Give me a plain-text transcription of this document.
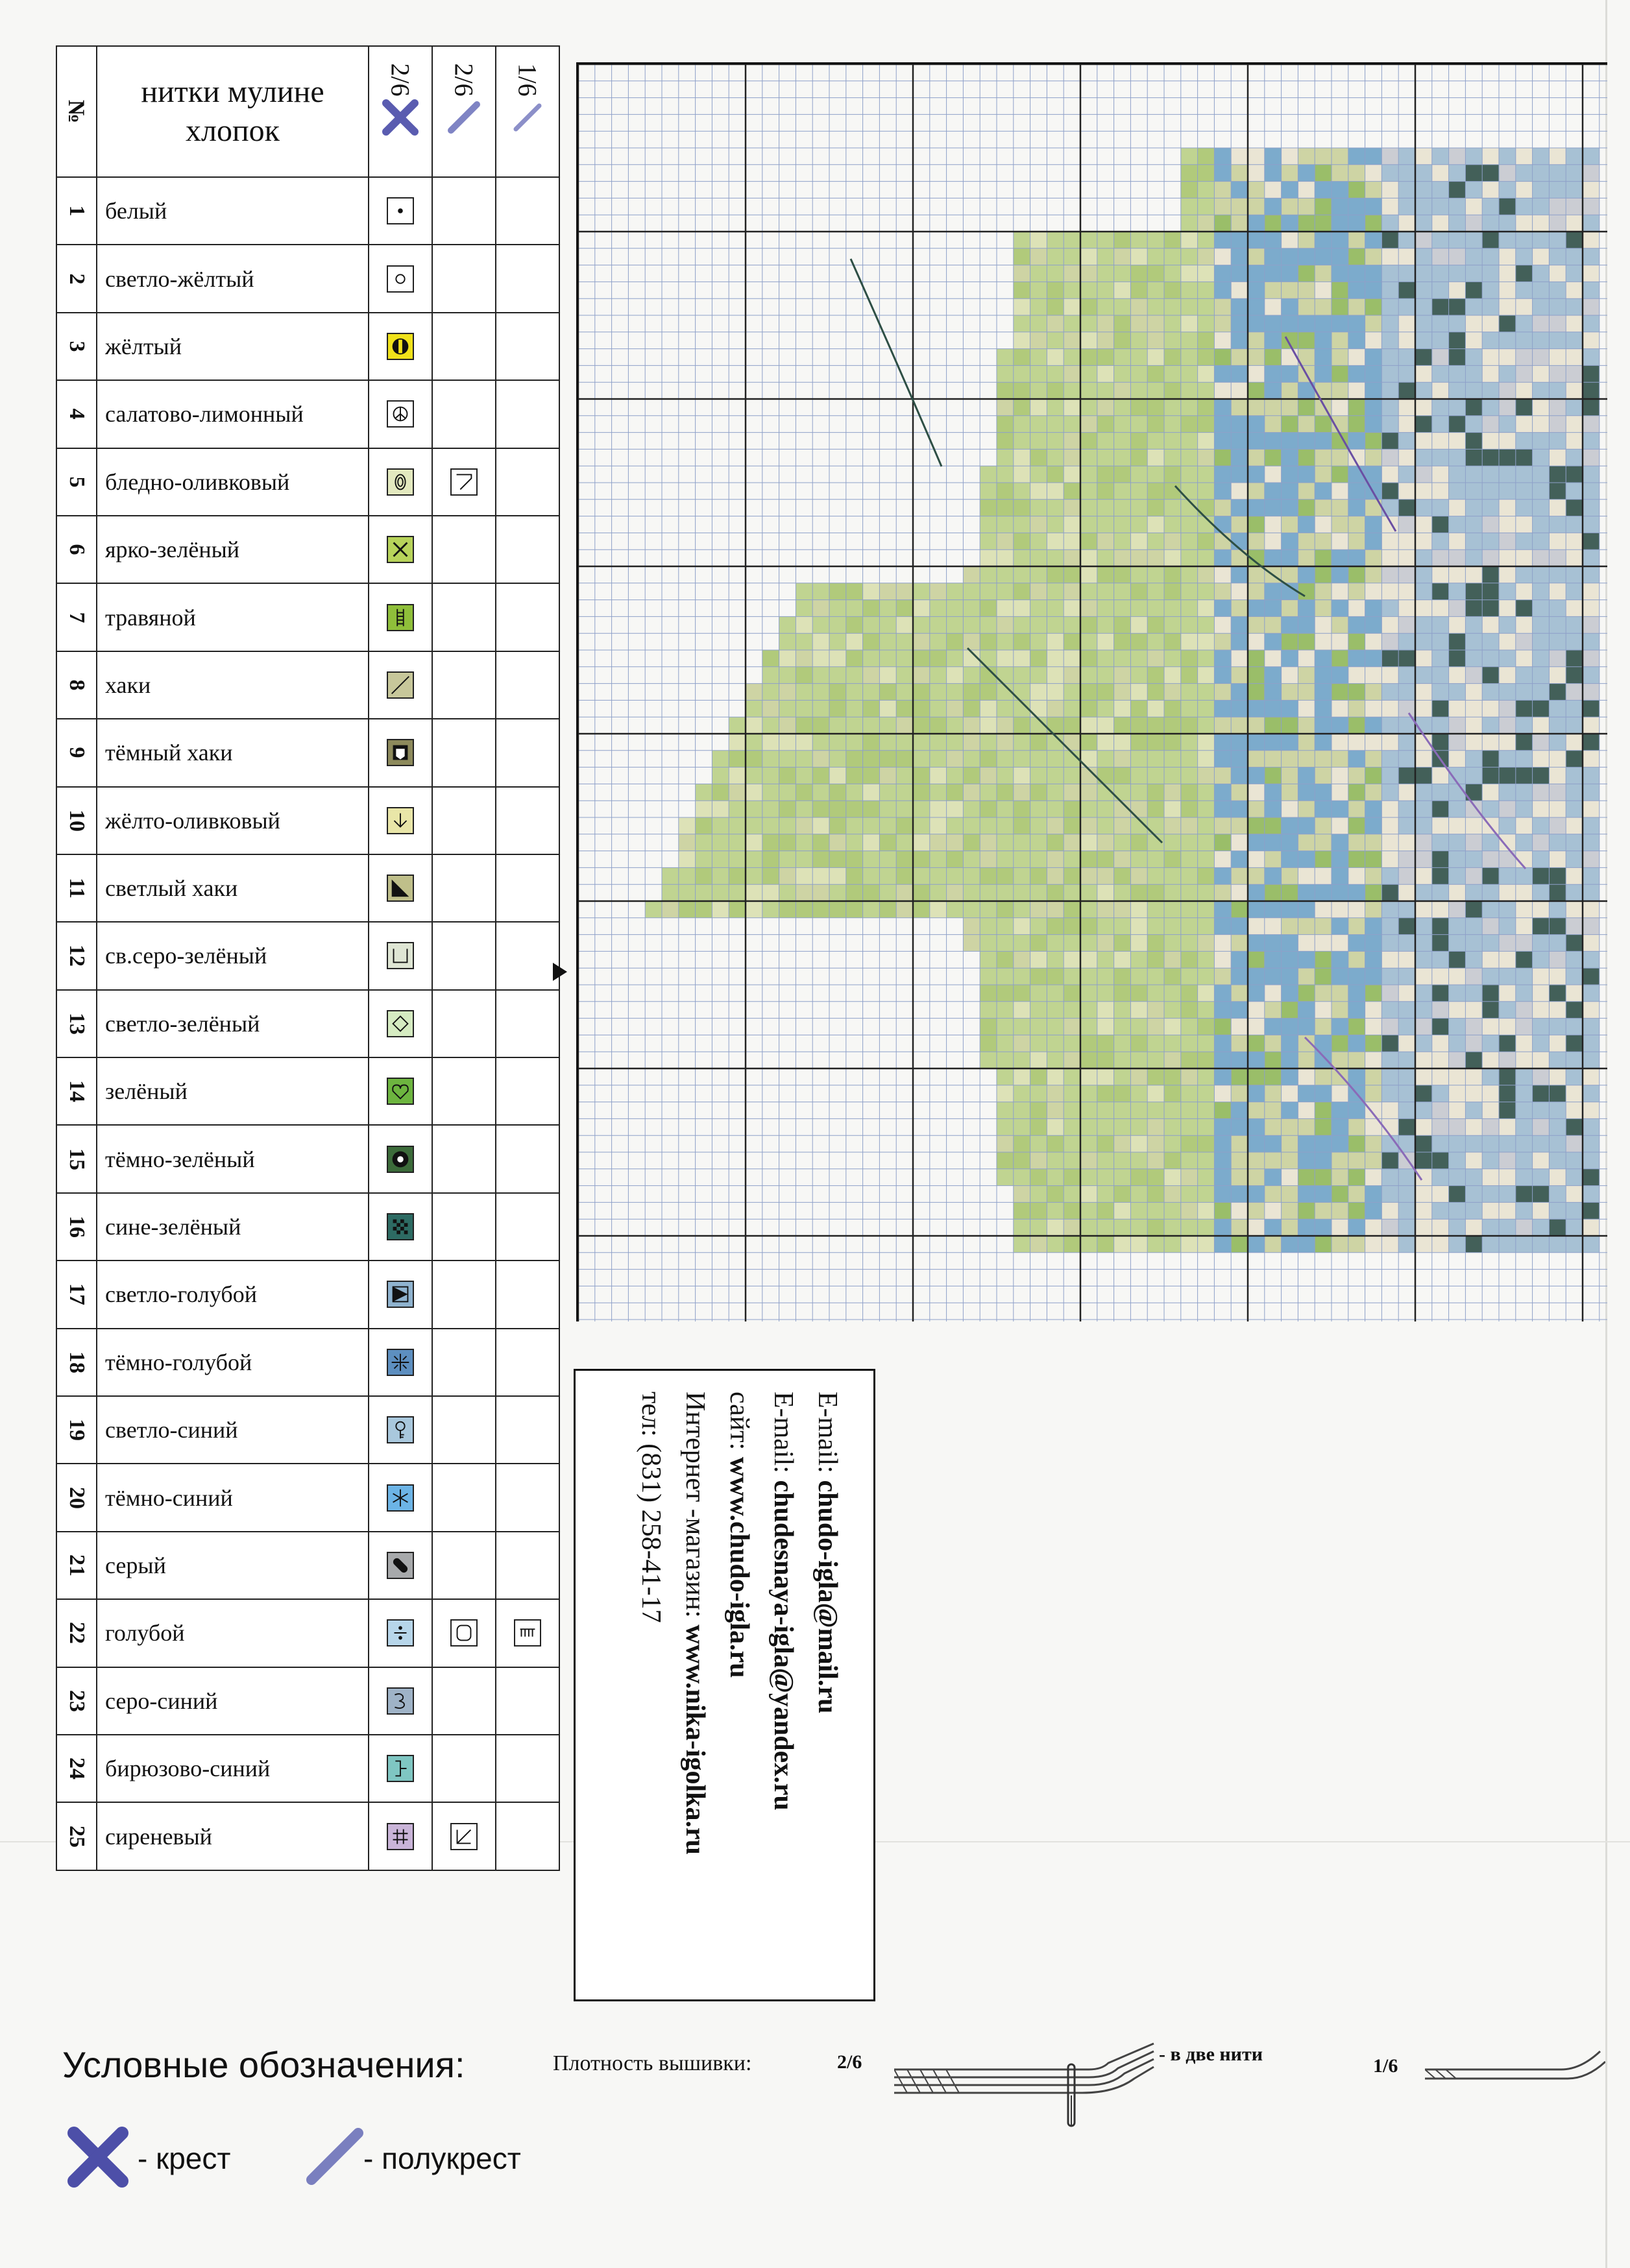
№	нитки мулине хлопок	2/6	2/6	1/6

1	белый	

2	светло-жёлтый	

3	жёлтый	

4	салатово-лимонный	

5	бледно-оливковый	

6	ярко-зелёный	

7	травяной	

8	хаки	

9	тёмный хаки	

10	жёлто-оливковый	

11	светлый хаки	

12	св.серо-зелёный	

13	светло-зелёный	

14	зелёный	

15	тёмно-зелёный	

16	сине-зелёный	

17	светло-голубой	

18	тёмно-голубой	

19	светло-синий	

20	тёмно-синий	

21	серый	

22	голубой	

23	серо-синий	

24	бирюзово-синий	

25	сиреневый	

E-mail: chudo-igla@mail.ru
E-mail: chudesnaya-igla@yandex.ru
сайт: www.chudo-igla.ru
Интернет -магазин: www.nika-igolka.ru
тел: (831) 258-41-17
Условные обозначения:	Плотность вышивки:	2/6	- в две нити
1/6
- крест	- полукрест
